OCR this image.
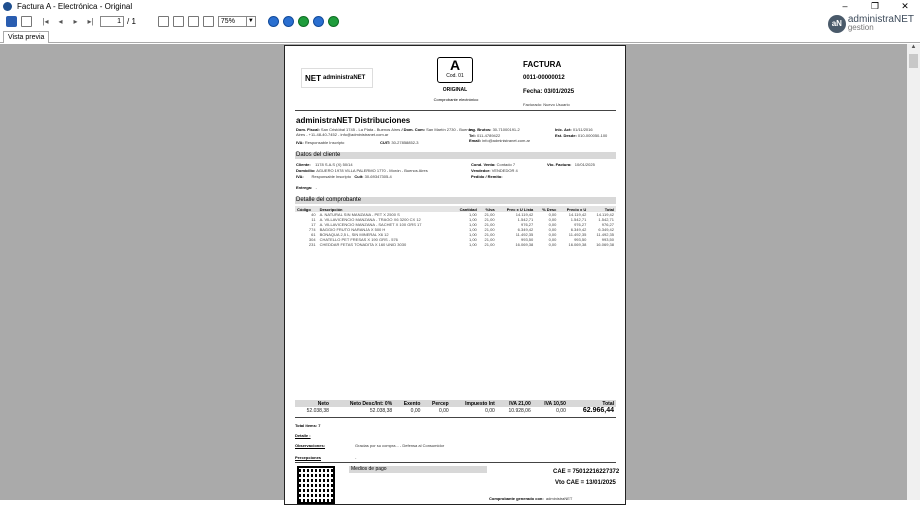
Factura A - Electrónica - Original	–	❐	✕
|◂	◂	▸	▸|	1 / 1	75%	▼	aN administraNET
gestion
Vista previa
▲
NET administraNET
A
Cod. 01
ORIGINAL
Comprobante electrónico
FACTURA
0011-00000012
Fecha: 03/01/2025
Facturado: Nuevo Usuario
administraNET Distribuciones
Dom. Fiscal: San Cristóbal 1745 - La Plata - Buenos Aires / Dom. Com: San Martín 2730 - Buenos Aires - +11-48-40-7452 - info@administranet.com.ar
IVA: Responsable Inscripto	CUIT: 30-27858852-3
Ing. Brutos: 30-71000191-2
Tel: 011-4789422
Email: info@administranet.com.ar
Inic. Act: 01/11/2016
Est. Desde: 010-000050-100
Datos del cliente
Cliente: 1178 S.A.S (X) 50/14
Domicilio: AGUERO 1978 VILLA PALERMO 1770 - Morón - Buenos Aires
IVA: Responsable Inscripto Cuit: 30-69347305-4
Entrega: -
Cond. Venta: Contado 7
Vendedor: VENDEDOR 4
Pedido / Remito:
Vto. Factura: 10/01/2025
Detalle del comprobante
Código	Descripción	Cantidad	%Iva	Prec x U Lista	% Desc	Precio x U	Total
40	A. NATURAL SIN MANZANA - PET X 2500 S	1,00	21,00	14.119,42	0,00	14.119,42	14.119,42
11	A. VILLAVICENCIO MANZANA - TRAGO X6 3200 CX 12	1,00	21,00	1.542,71	0,00	1.542,71	1.542,71
17	A. VILLAVICENCIO MANZANA - SACHET X 100 GRS 17	1,00	21,00	976,27	0,00	976,27	976,27
774	BAGGIO FRUTO NARANJA X 500 H	1,00	21,00	6.349,42	0,00	6.349,42	6.349,42
61	BONAQUA 2,5 L, SIN MINERAL X6 12	1,00	21,00	11.492,35	0,00	11.492,35	11.492,35
304	CHATELLO PET FRESAS X 190 GRS - 576	1,00	21,00	993,50	0,00	993,50	993,50
231	CHEDDAR FETAS TONADITA X 160 UNID 3030	1,00	21,00	16.069,38	0,00	16.069,38	16.069,38
Neto	Neto Desc/Int: 0%	Exento	Percep	Impuesto Int	IVA 21,00	IVA 10,50	Total
52.038,38	52.038,38	0,00	0,00	0,00	10.928,06	0,00	62.966,44
Total items: 7
Detalle :
Observaciones:	Gracias por su compra... - Defensa al Consumidor
Percepciones	-
Medios de pago	CAE = 75012216227372
Vto CAE = 13/01/2025
Comprobante generado con: administraNET
